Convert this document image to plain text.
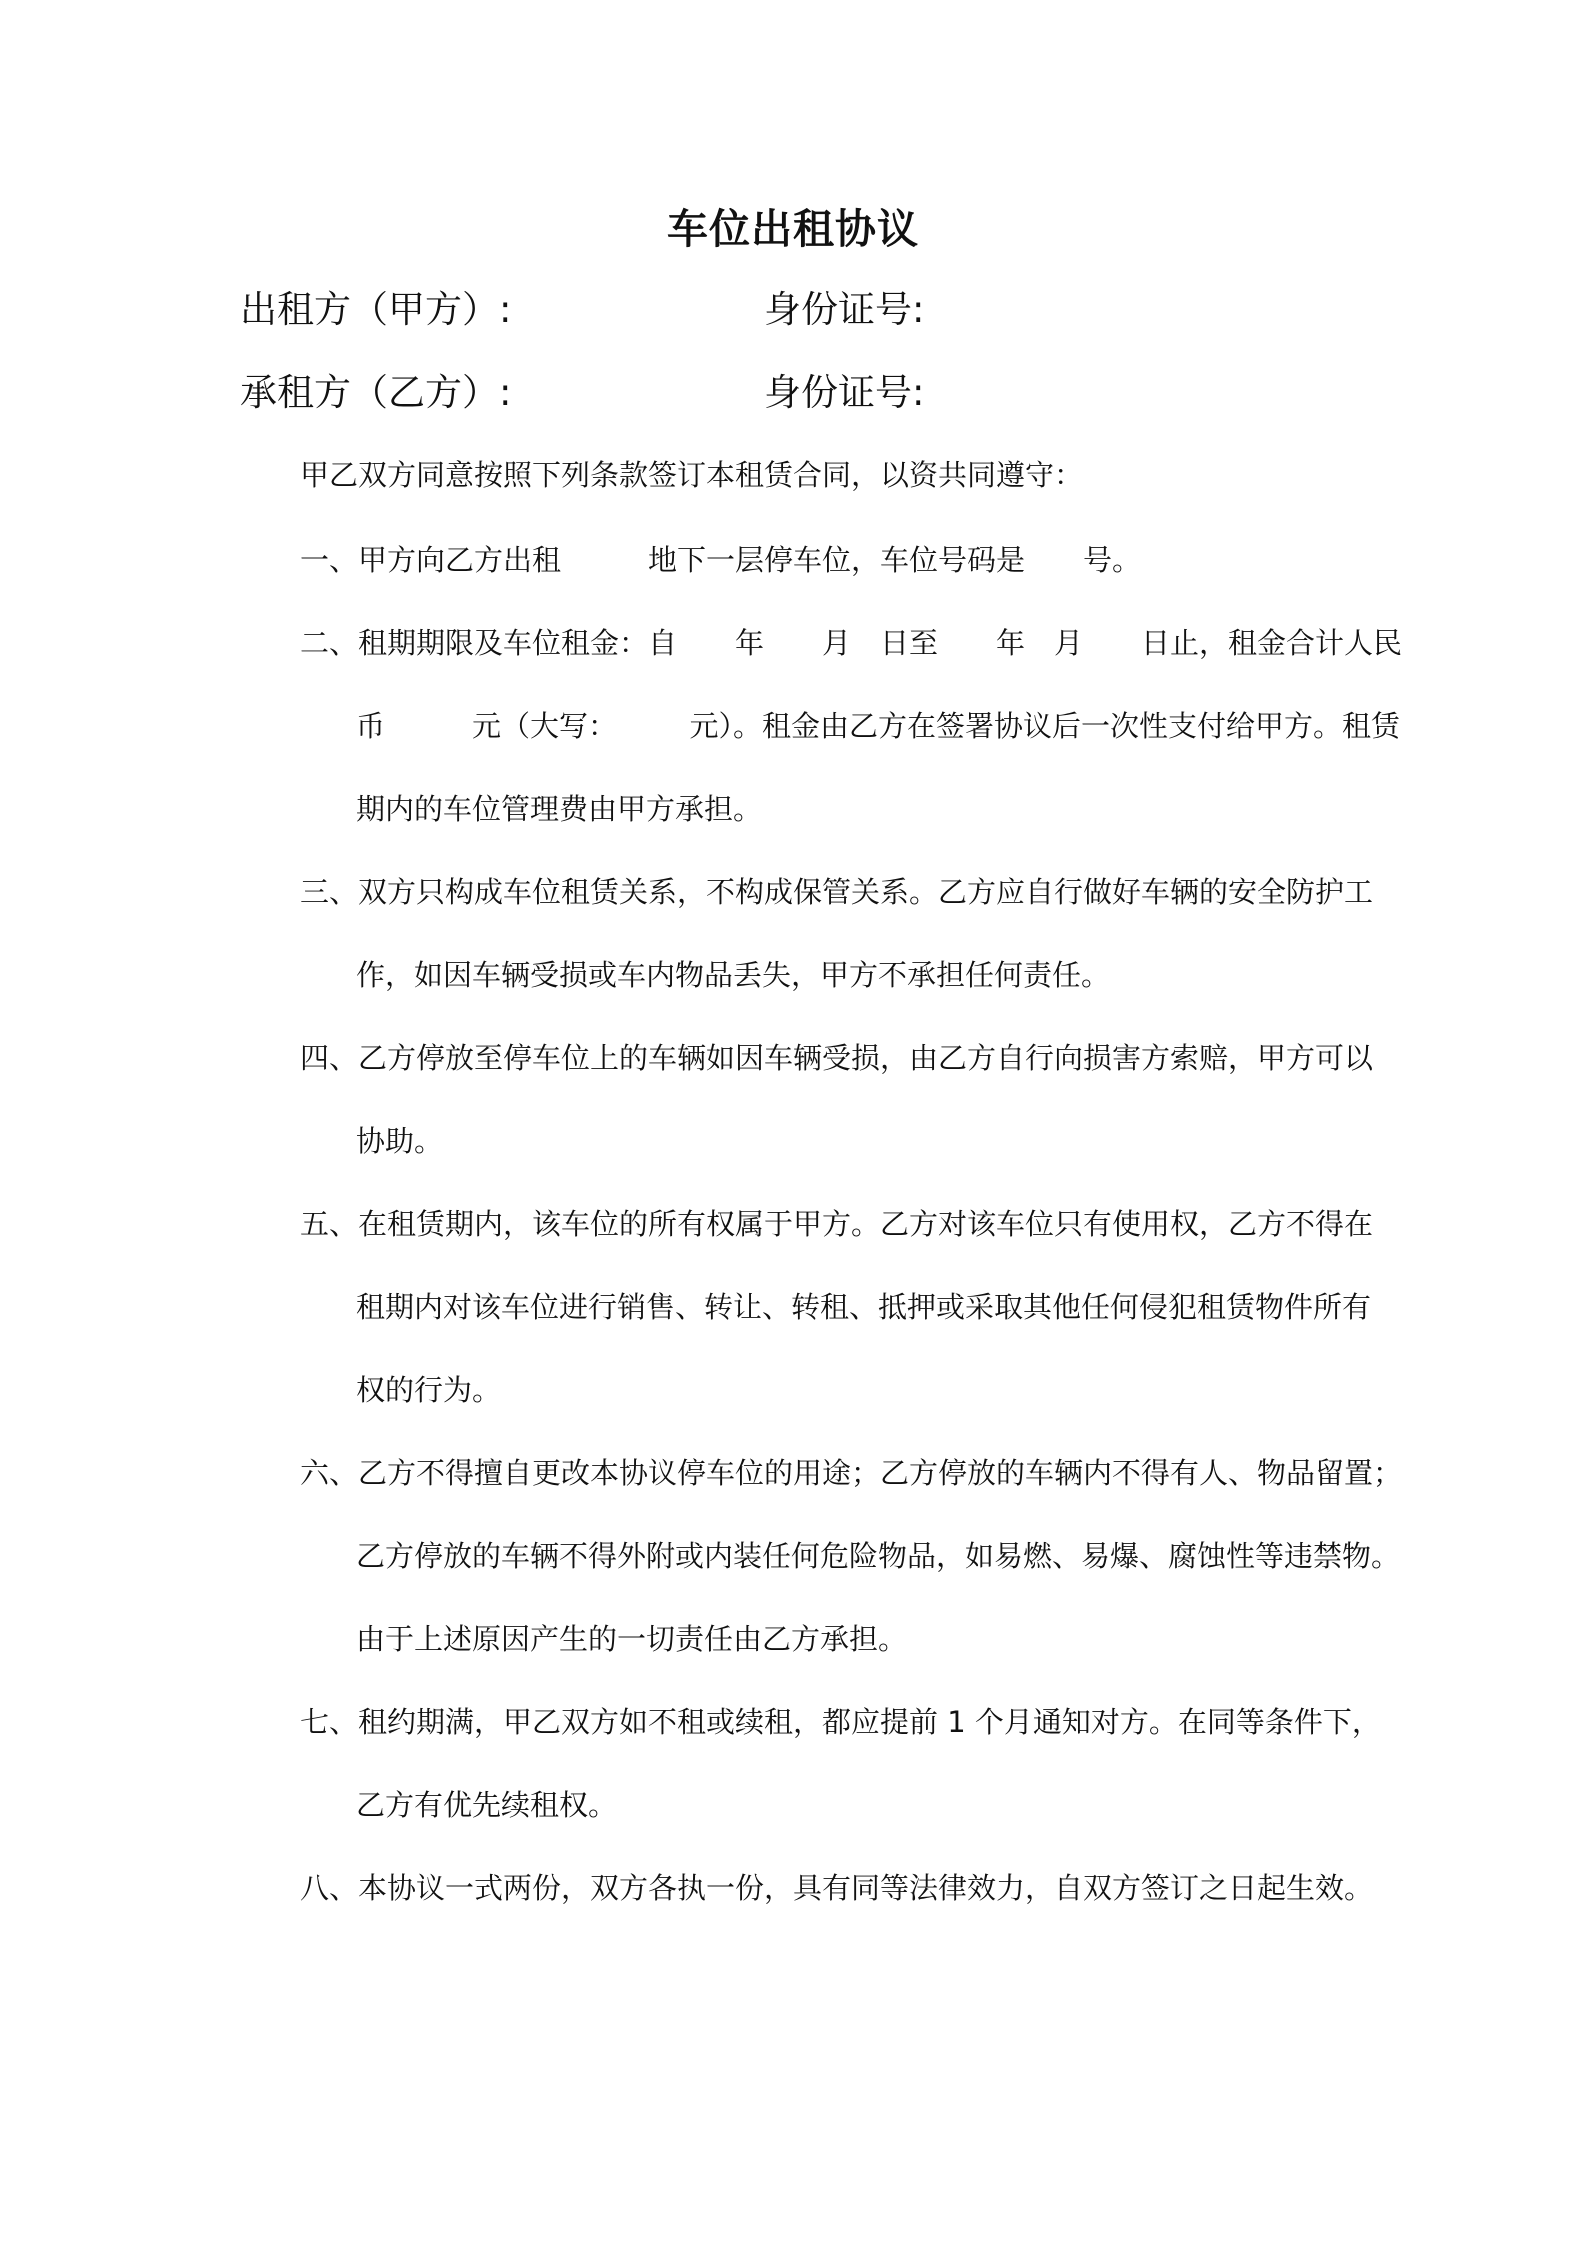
车位出租协议
出租方（甲方）:	身份证号:
承租方（乙方）:	身份证号:
甲乙双方同意按照下列条款签订本租赁合同，以资共同遵守：
一、甲方向乙方出租　　　地下一层停车位，车位号码是　　号。
二、租期期限及车位租金：自　　年　　月　日至　　年　月　　日止，租金合计人民
币　　　元（大写：　　　元）。租金由乙方在签署协议后一次性支付给甲方。租赁
期内的车位管理费由甲方承担。
三、双方只构成车位租赁关系，不构成保管关系。乙方应自行做好车辆的安全防护工
作，如因车辆受损或车内物品丢失，甲方不承担任何责任。
四、乙方停放至停车位上的车辆如因车辆受损，由乙方自行向损害方索赔，甲方可以
协助。
五、在租赁期内，该车位的所有权属于甲方。乙方对该车位只有使用权，乙方不得在
租期内对该车位进行销售、转让、转租、抵押或采取其他任何侵犯租赁物件所有
权的行为。
六、乙方不得擅自更改本协议停车位的用途；乙方停放的车辆内不得有人、物品留置；
乙方停放的车辆不得外附或内装任何危险物品，如易燃、易爆、腐蚀性等违禁物。
由于上述原因产生的一切责任由乙方承担。
七、租约期满，甲乙双方如不租或续租，都应提前 1 个月通知对方。在同等条件下，
乙方有优先续租权。
八、本协议一式两份，双方各执一份，具有同等法律效力，自双方签订之日起生效。
